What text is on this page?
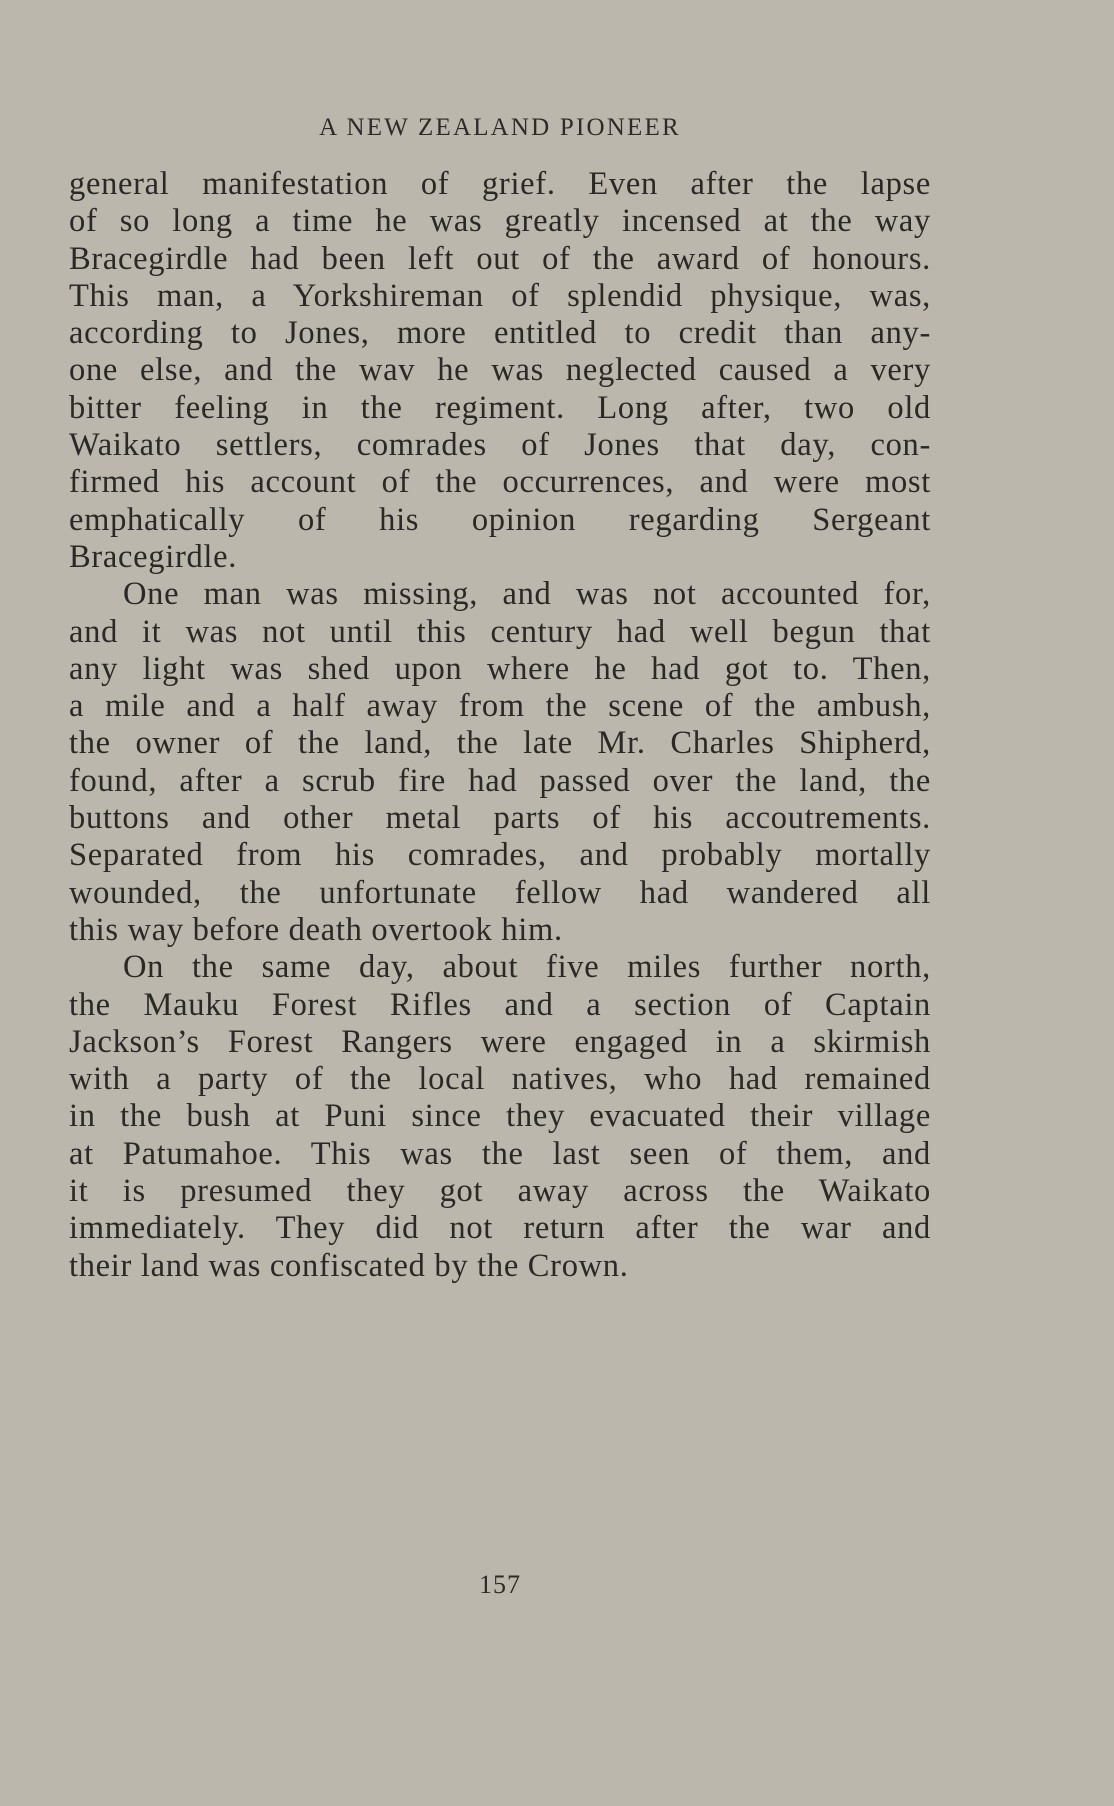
A NEW ZEALAND PIONEER
general manifestation of grief. Even after the lapse
of so long a time he was greatly incensed at the way
Bracegirdle had been left out of the award of honours.
This man, a Yorkshireman of splendid physique, was,
according to Jones, more entitled to credit than any-
one else, and the wav he was neglected caused a very
bitter feeling in the regiment. Long after, two old
Waikato settlers, comrades of Jones that day, con-
firmed his account of the occurrences, and were most
emphatically of his opinion regarding Sergeant
Bracegirdle.
One man was missing, and was not accounted for,
and it was not until this century had well begun that
any light was shed upon where he had got to. Then,
a mile and a half away from the scene of the ambush,
the owner of the land, the late Mr. Charles Shipherd,
found, after a scrub fire had passed over the land, the
buttons and other metal parts of his accoutrements.
Separated from his comrades, and probably mortally
wounded, the unfortunate fellow had wandered all
this way before death overtook him.
On the same day, about five miles further north,
the Mauku Forest Rifles and a section of Captain
Jackson’s Forest Rangers were engaged in a skirmish
with a party of the local natives, who had remained
in the bush at Puni since they evacuated their village
at Patumahoe. This was the last seen of them, and
it is presumed they got away across the Waikato
immediately. They did not return after the war and
their land was confiscated by the Crown.
157
